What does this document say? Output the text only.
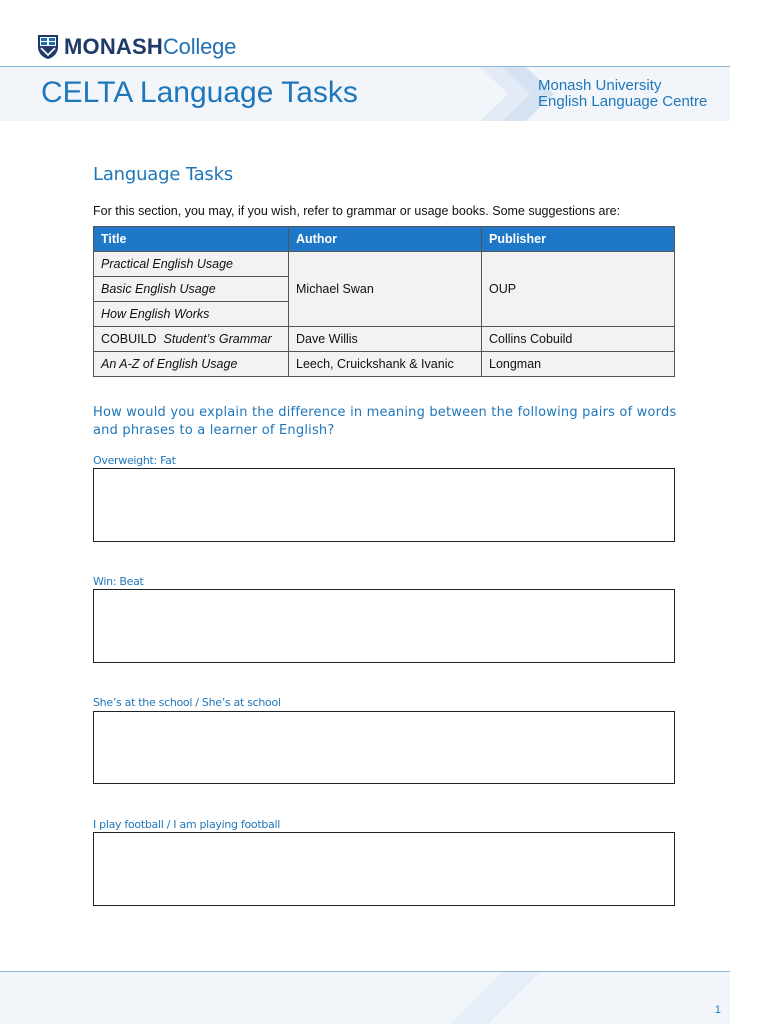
MONASH College
CELTA Language Tasks	Monash University
English Language Centre
Language Tasks
For this section, you may, if you wish, refer to grammar or usage books. Some suggestions are:
Title	Author	Publisher
Practical English Usage	Michael Swan	OUP
Basic English Usage		
How English Works		
COBUILD Student’s Grammar	Dave Willis	Collins Cobuild
An A-Z of English Usage	Leech, Cruickshank & Ivanic	Longman
How would you explain the difference in meaning between the following pairs of words and phrases to a learner of English?
Overweight: Fat
Win: Beat
She’s at the school / She’s at school
I play football / I am playing football
1
